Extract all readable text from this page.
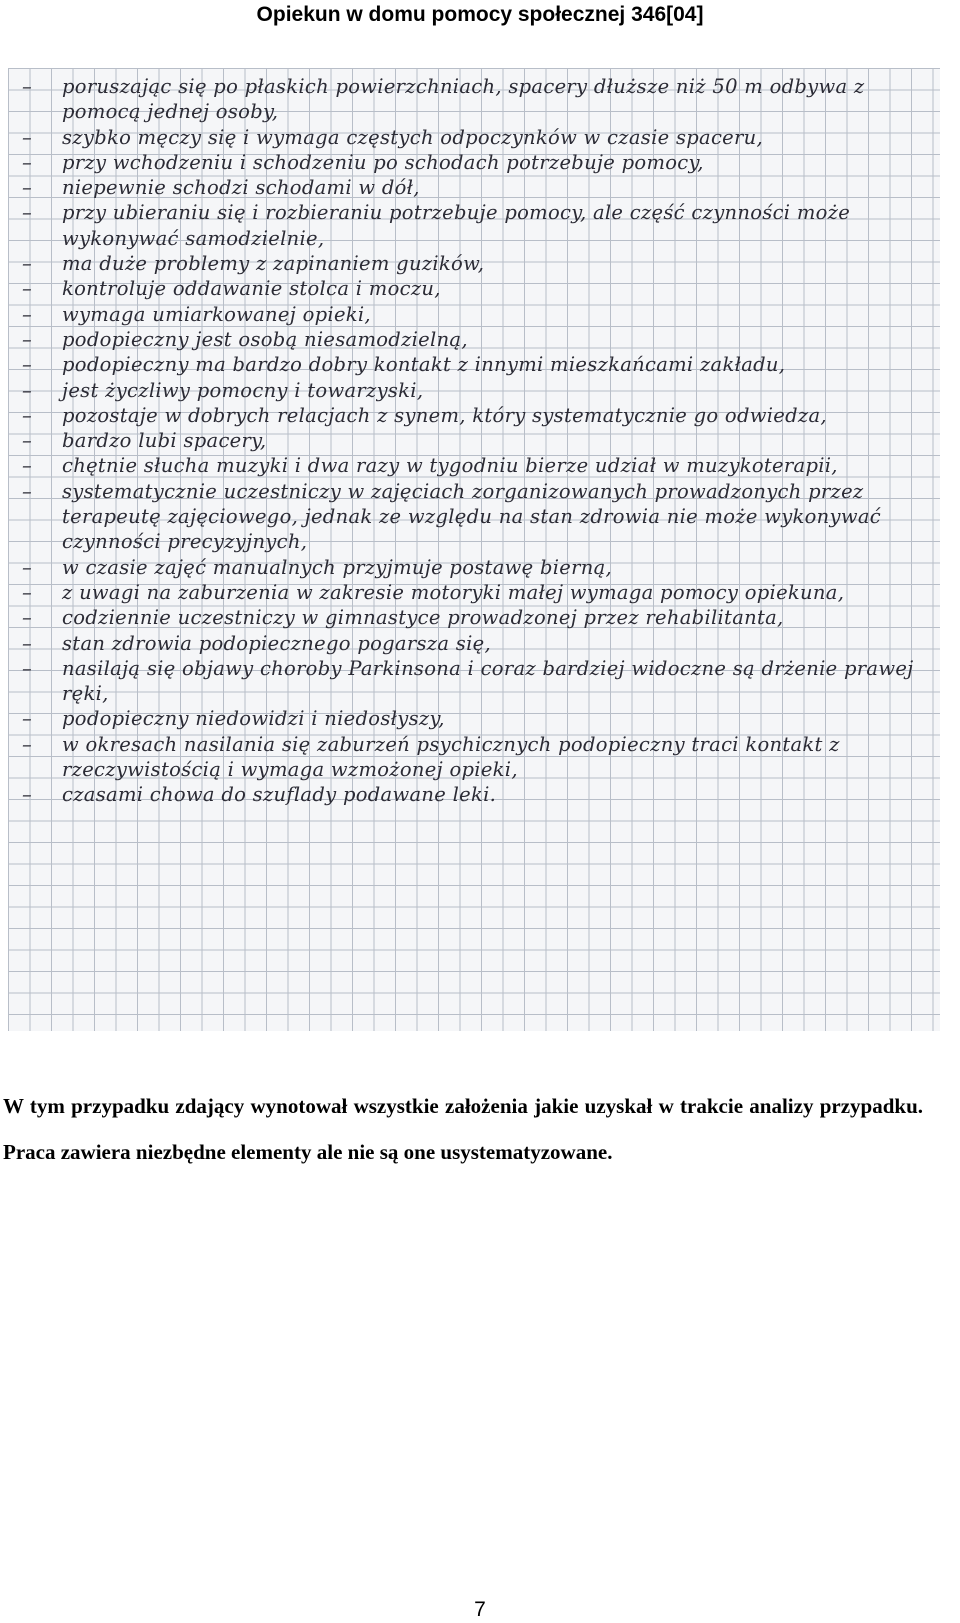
Opiekun w domu pomocy społecznej 346[04]
– poruszając się po płaskich powierzchniach, spacery dłuższe niż 50 m odbywa z pomocą jednej osoby,
– szybko męczy się i wymaga częstych odpoczynków w czasie spaceru,
– przy wchodzeniu i schodzeniu po schodach potrzebuje pomocy,
– niepewnie schodzi schodami w dół,
– przy ubieraniu się i rozbieraniu potrzebuje pomocy, ale część czynności może wykonywać samodzielnie,
– ma duże problemy z zapinaniem guzików,
– kontroluje oddawanie stolca i moczu,
– wymaga umiarkowanej opieki,
– podopieczny jest osobą niesamodzielną,
– podopieczny ma bardzo dobry kontakt z innymi mieszkańcami zakładu,
– jest życzliwy pomocny i towarzyski,
– pozostaje w dobrych relacjach z synem, który systematycznie go odwiedza,
– bardzo lubi spacery,
– chętnie słucha muzyki i dwa razy w tygodniu bierze udział w muzykoterapii,
– systematycznie uczestniczy w zajęciach zorganizowanych prowadzonych przez terapeutę zajęciowego, jednak ze względu na stan zdrowia nie może wykonywać czynności precyzyjnych,
– w czasie zajęć manualnych przyjmuje postawę bierną,
– z uwagi na zaburzenia w zakresie motoryki małej wymaga pomocy opiekuna,
– codziennie uczestniczy w gimnastyce prowadzonej przez rehabilitanta,
– stan zdrowia podopiecznego pogarsza się,
– nasilają się objawy choroby Parkinsona i coraz bardziej widoczne są drżenie prawej ręki,
– podopieczny niedowidzi i niedosłyszy,
– w okresach nasilania się zaburzeń psychicznych podopieczny traci kontakt z rzeczywistością i wymaga wzmożonej opieki,
– czasami chowa do szuflady podawane leki.

W tym przypadku zdający wynotował wszystkie założenia jakie uzyskał w trakcie analizy przypadku. Praca zawiera niezbędne elementy ale nie są one usystematyzowane.

7
